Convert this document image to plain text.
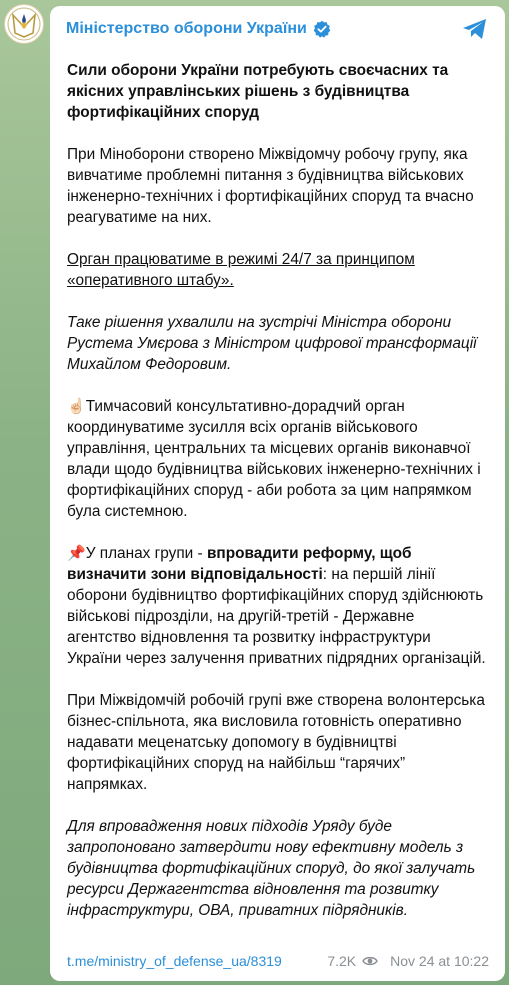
Міністерство оборони України

Сили оборони України потребують своєчасних та якісних управлінських рішень з будівництва фортифікаційних споруд

При Міноборони створено Міжвідомчу робочу групу, яка вивчатиме проблемні питання з будівництва військових інженерно-технічних і фортифікаційних споруд та вчасно реагуватиме на них.

Орган працюватиме в режимі 24/7 за принципом «оперативного штабу».

Таке рішення ухвалили на зустрічі Міністра оборони Рустема Умєрова з Міністром цифрової трансформації Михайлом Федоровим.

☝🏻Тимчасовий консультативно-дорадчий орган координуватиме зусилля всіх органів військового управління, центральних та місцевих органів виконавчої влади щодо будівництва військових інженерно-технічних і фортифікаційних споруд - аби робота за цим напрямком була системною.

📌У планах групи - впровадити реформу, щоб визначити зони відповідальності: на першій лінії оборони будівництво фортифікаційних споруд здійснюють військові підрозділи, на другій-третій - Державне агентство відновлення та розвитку інфраструктури України через залучення приватних підрядних організацій.

При Міжвідомчій робочій групі вже створена волонтерська бізнес-спільнота, яка висловила готовність оперативно надавати меценатську допомогу в будівництві фортифікаційних споруд на найбільш “гарячих” напрямках.

Для впровадження нових підходів Уряду буде запропоновано затвердити нову ефективну модель з будівництва фортифікаційних споруд, до якої залучать ресурси Держагентства відновлення та розвитку інфраструктури, ОВА, приватних підрядників.

t.me/ministry_of_defense_ua/8319	7.2K Nov 24 at 10:22
